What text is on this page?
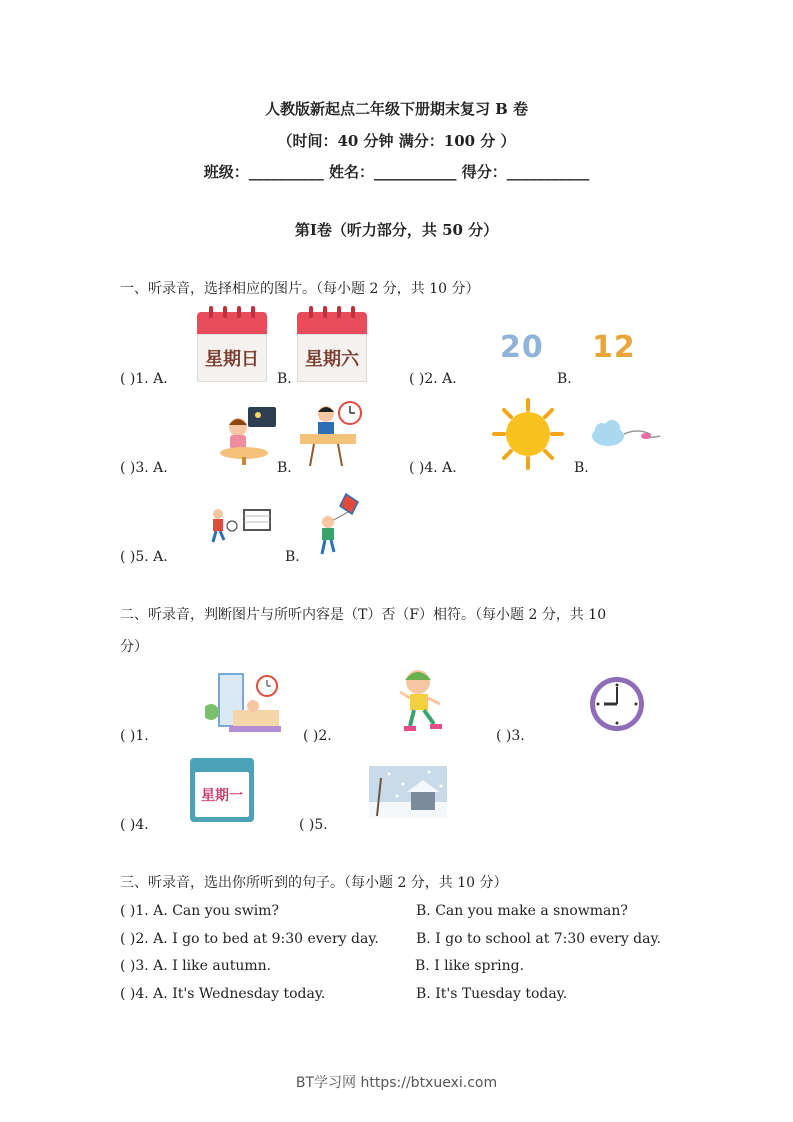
人教版新起点二年级下册期末复习 B 卷
（时间：40 分钟 满分：100 分 ）
班级：__________ 姓名：___________ 得分：___________
第Ⅰ卷（听力部分，共 50 分）
一、听录音，选择相应的图片。（每小题 2 分，共 10 分）
( )1. A.
星期日
B.
星期六
( )2. A.
20
B.
12
( )3. A.	B.	( )4. A.	B.
( )5. A.	B.
二、听录音，判断图片与所听内容是（T）否（F）相符。（每小题 2 分，共 10
分）
( )1.	( )2.	( )3.
( )4.
星期一
( )5.
三、听录音，选出你所听到的句子。（每小题 2 分，共 10 分）
( )1. A. Can you swim?	B. Can you make a snowman?
( )2. A. I go to bed at 9:30 every day.	B. I go to school at 7:30 every day.
( )3. A. I like autumn.	B. I like spring.
( )4. A. It's Wednesday today.	B. It's Tuesday today.
BT学习网 https://btxuexi.com
